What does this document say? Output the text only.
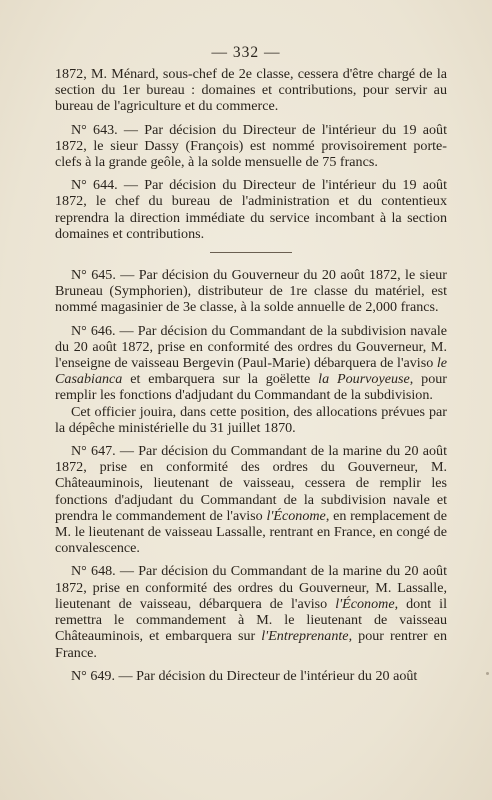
— 332 —

1872, M. Ménard, sous-chef de 2e classe, cessera d'être chargé de la section du 1er bureau : domaines et contributions, pour servir au bureau de l'agriculture et du commerce.

N° 643. — Par décision du Directeur de l'intérieur du 19 août 1872, le sieur Dassy (François) est nommé provisoirement porte-clefs à la grande geôle, à la solde mensuelle de 75 francs.

N° 644. — Par décision du Directeur de l'intérieur du 19 août 1872, le chef du bureau de l'administration et du contentieux reprendra la direction immédiate du service incombant à la section domaines et contributions.

N° 645. — Par décision du Gouverneur du 20 août 1872, le sieur Bruneau (Symphorien), distributeur de 1re classe du matériel, est nommé magasinier de 3e classe, à la solde annuelle de 2,000 francs.

N° 646. — Par décision du Commandant de la subdivision navale du 20 août 1872, prise en conformité des ordres du Gouverneur, M. l'enseigne de vaisseau Bergevin (Paul-Marie) débarquera de l'aviso le Casabianca et embarquera sur la goëlette la Pourvoyeuse, pour remplir les fonctions d'adjudant du Commandant de la subdivision.

Cet officier jouira, dans cette position, des allocations prévues par la dépêche ministérielle du 31 juillet 1870.

N° 647. — Par décision du Commandant de la marine du 20 août 1872, prise en conformité des ordres du Gouverneur, M. Châteauminois, lieutenant de vaisseau, cessera de remplir les fonctions d'adjudant du Commandant de la subdivision navale et prendra le commandement de l'aviso l'Économe, en remplacement de M. le lieutenant de vaisseau Lassalle, rentrant en France, en congé de convalescence.

N° 648. — Par décision du Commandant de la marine du 20 août 1872, prise en conformité des ordres du Gouverneur, M. Lassalle, lieutenant de vaisseau, débarquera de l'aviso l'Économe, dont il remettra le commandement à M. le lieutenant de vaisseau Châteauminois, et embarquera sur l'Entreprenante, pour rentrer en France.

N° 649. — Par décision du Directeur de l'intérieur du 20 août
